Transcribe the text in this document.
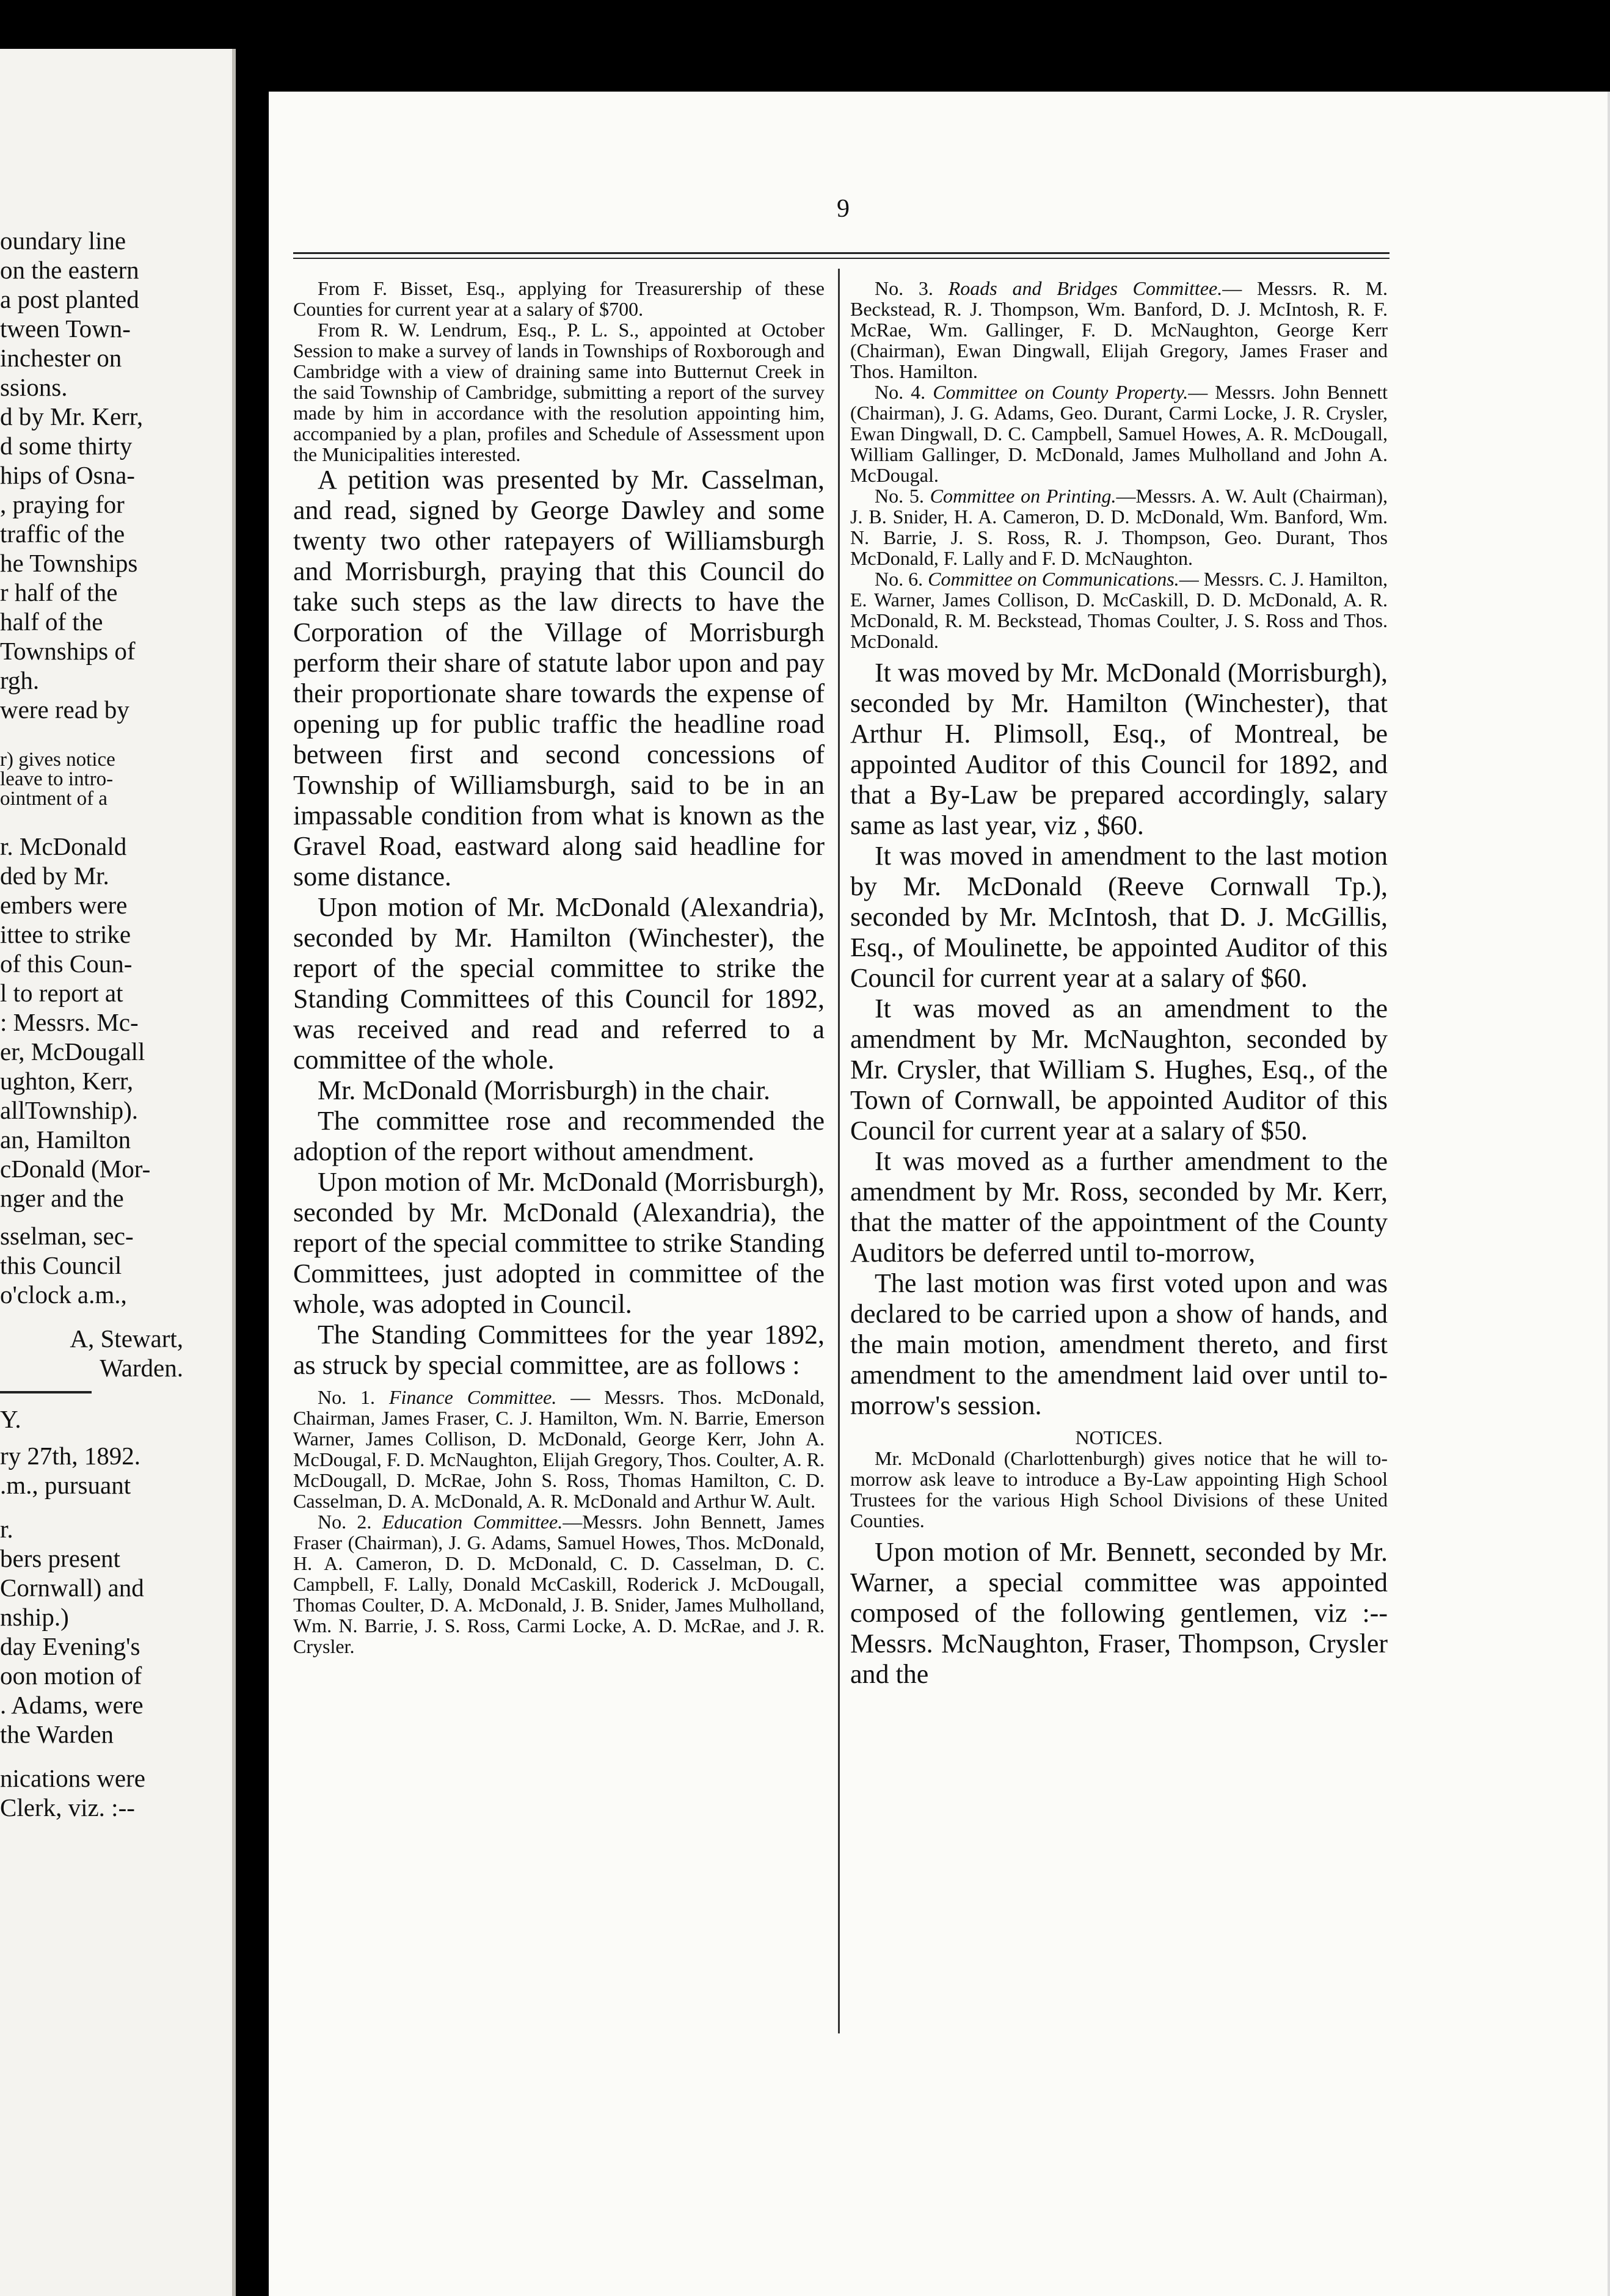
oundary line
on the eastern
a post planted
tween Town-
inchester on
ssions.
d by Mr. Kerr,
d some thirty
hips of Osna-
, praying for
traffic of the
he Townships
r half of the
half of the
Townships of
rgh.
were read by
r) gives notice
leave to intro-
ointment of a
r. McDonald
ded by Mr.
embers were
ittee to strike
of this Coun-
l to report at
: Messrs. Mc-
er, McDougall
ughton, Kerr,
allTownship).
an, Hamilton
cDonald (Mor-
nger and the
sselman, sec-
this Council
o'clock a.m.,
A, Stewart,
Warden.
Y.
ry 27th, 1892.
.m., pursuant
r.
bers present
Cornwall) and
nship.)
day Evening's
oon motion of
. Adams, were
the Warden
nications were
Clerk, viz. :--
9

From F. Bisset, Esq., applying for Treasurership of these Counties for current year at a salary of $700.

From R. W. Lendrum, Esq., P. L. S., appointed at October Session to make a survey of lands in Townships of Roxborough and Cambridge with a view of draining same into Butternut Creek in the said Township of Cambridge, submitting a report of the survey made by him in accordance with the resolution appointing him, accompanied by a plan, profiles and Schedule of Assessment upon the Municipalities interested.

A petition was presented by Mr. Casselman, and read, signed by George Dawley and some twenty two other ratepayers of Williamsburgh and Morrisburgh, praying that this Council do take such steps as the law directs to have the Corporation of the Village of Morrisburgh perform their share of statute labor upon and pay their proportionate share towards the expense of opening up for public traffic the headline road between first and second concessions of Township of Williamsburgh, said to be in an impassable condition from what is known as the Gravel Road, eastward along said headline for some distance.

Upon motion of Mr. McDonald (Alexandria), seconded by Mr. Hamilton (Winchester), the report of the special committee to strike the Standing Committees of this Council for 1892, was received and read and referred to a committee of the whole.

Mr. McDonald (Morrisburgh) in the chair.

The committee rose and recommended the adoption of the report without amendment.

Upon motion of Mr. McDonald (Morrisburgh), seconded by Mr. McDonald (Alexandria), the report of the special committee to strike Standing Committees, just adopted in committee of the whole, was adopted in Council.

The Standing Committees for the year 1892, as struck by special committee, are as follows :

No. 1. Finance Committee. — Messrs. Thos. McDonald, Chairman, James Fraser, C. J. Hamilton, Wm. N. Barrie, Emerson Warner, James Collison, D. McDonald, George Kerr, John A. McDougal, F. D. McNaughton, Elijah Gregory, Thos. Coulter, A. R. McDougall, D. McRae, John S. Ross, Thomas Hamilton, C. D. Casselman, D. A. McDonald, A. R. McDonald and Arthur W. Ault.

No. 2. Education Committee.—Messrs. John Bennett, James Fraser (Chairman), J. G. Adams, Samuel Howes, Thos. McDonald, H. A. Cameron, D. D. McDonald, C. D. Casselman, D. C. Campbell, F. Lally, Donald McCaskill, Roderick J. McDougall, Thomas Coulter, D. A. McDonald, J. B. Snider, James Mulholland, Wm. N. Barrie, J. S. Ross, Carmi Locke, A. D. McRae, and J. R. Crysler.

No. 3. Roads and Bridges Committee.— Messrs. R. M. Beckstead, R. J. Thompson, Wm. Banford, D. J. McIntosh, R. F. McRae, Wm. Gallinger, F. D. McNaughton, George Kerr (Chairman), Ewan Dingwall, Elijah Gregory, James Fraser and Thos. Hamilton.

No. 4. Committee on County Property.— Messrs. John Bennett (Chairman), J. G. Adams, Geo. Durant, Carmi Locke, J. R. Crysler, Ewan Dingwall, D. C. Campbell, Samuel Howes, A. R. McDougall, William Gallinger, D. McDonald, James Mulholland and John A. McDougal.

No. 5. Committee on Printing.—Messrs. A. W. Ault (Chairman), J. B. Snider, H. A. Cameron, D. D. McDonald, Wm. Banford, Wm. N. Barrie, J. S. Ross, R. J. Thompson, Geo. Durant, Thos McDonald, F. Lally and F. D. McNaughton.

No. 6. Committee on Communications.— Messrs. C. J. Hamilton, E. Warner, James Collison, D. McCaskill, D. D. McDonald, A. R. McDonald, R. M. Beckstead, Thomas Coulter, J. S. Ross and Thos. McDonald.

It was moved by Mr. McDonald (Morrisburgh), seconded by Mr. Hamilton (Winchester), that Arthur H. Plimsoll, Esq., of Montreal, be appointed Auditor of this Council for 1892, and that a By-Law be prepared accordingly, salary same as last year, viz , $60.

It was moved in amendment to the last motion by Mr. McDonald (Reeve Cornwall Tp.), seconded by Mr. McIntosh, that D. J. McGillis, Esq., of Moulinette, be appointed Auditor of this Council for current year at a salary of $60.

It was moved as an amendment to the amendment by Mr. McNaughton, seconded by Mr. Crysler, that William S. Hughes, Esq., of the Town of Cornwall, be appointed Auditor of this Council for current year at a salary of $50.

It was moved as a further amendment to the amendment by Mr. Ross, seconded by Mr. Kerr, that the matter of the appointment of the County Auditors be deferred until to-morrow,

The last motion was first voted upon and was declared to be carried upon a show of hands, and the main motion, amendment thereto, and first amendment to the amendment laid over until to-morrow's session.

NOTICES.

Mr. McDonald (Charlottenburgh) gives notice that he will to-morrow ask leave to introduce a By-Law appointing High School Trustees for the various High School Divisions of these United Counties.

Upon motion of Mr. Bennett, seconded by Mr. Warner, a special committee was appointed composed of the following gentlemen, viz :--Messrs. McNaughton, Fraser, Thompson, Crysler and the
